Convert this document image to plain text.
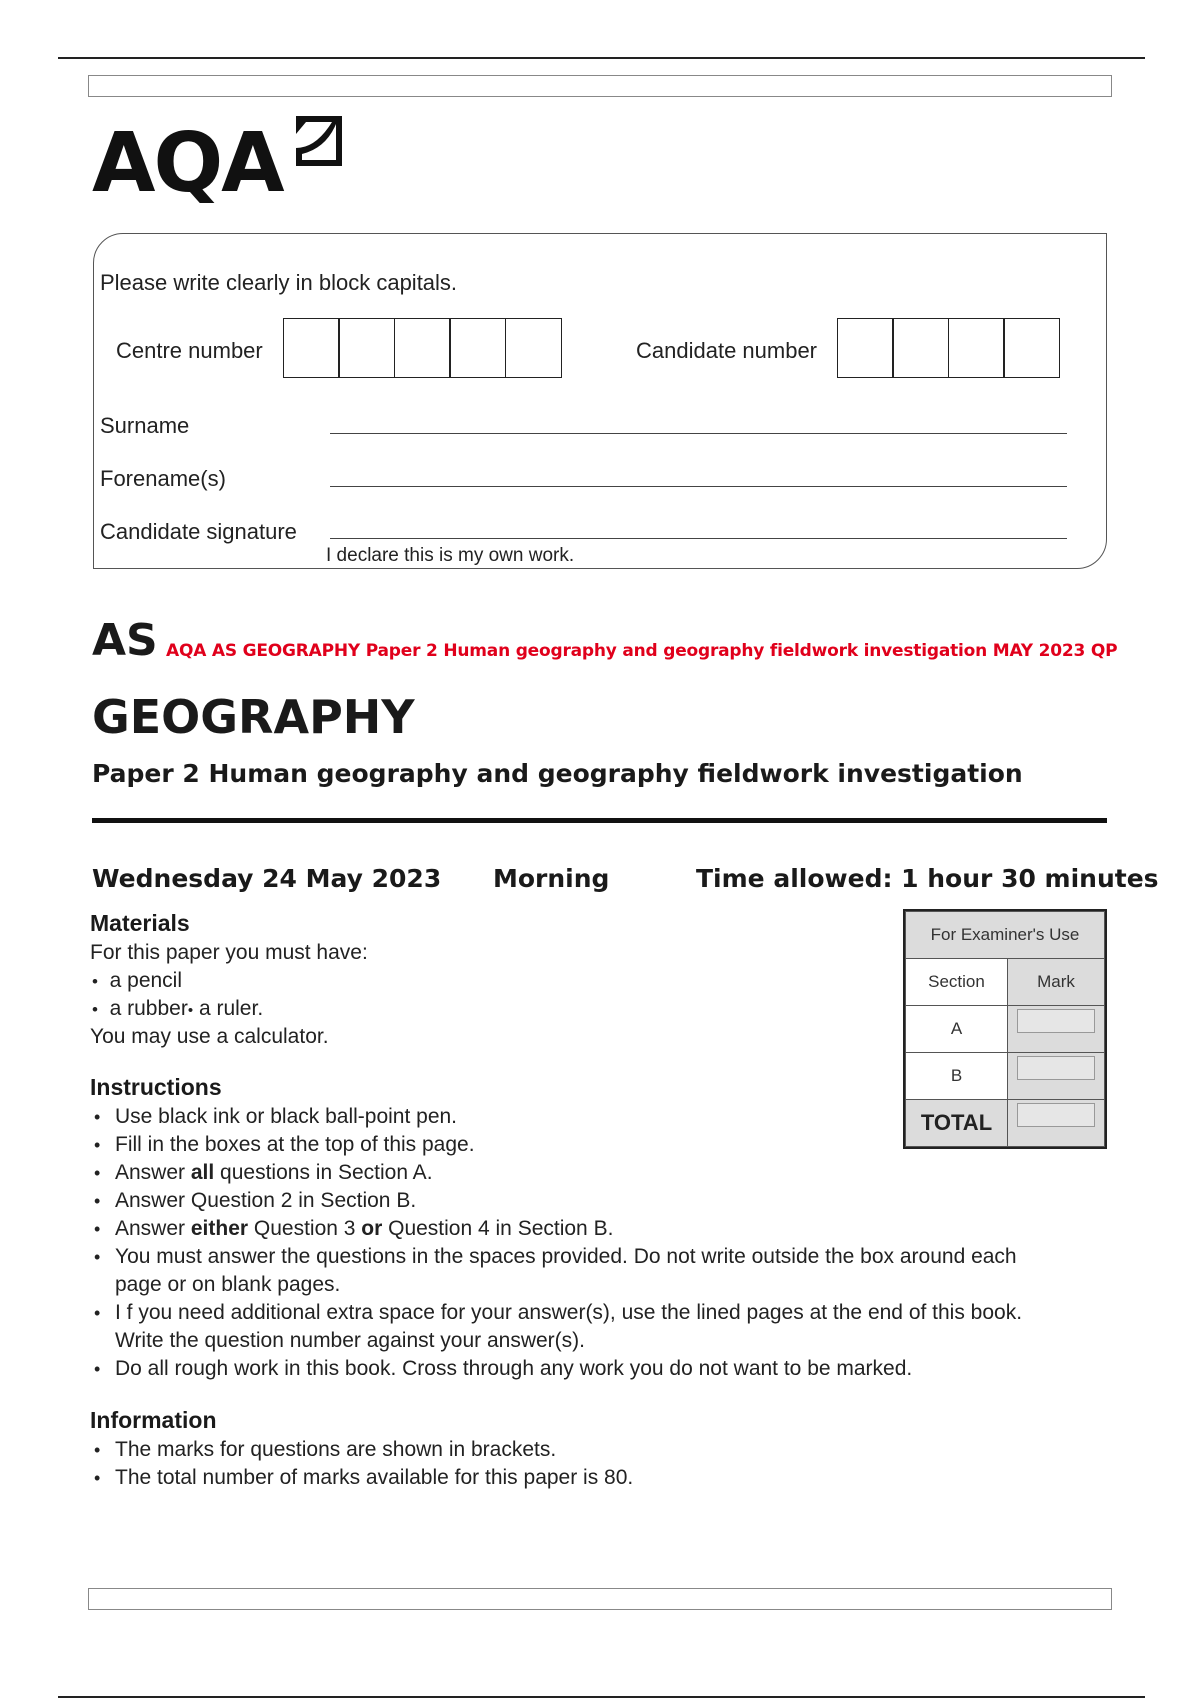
AQA
Please write clearly in block capitals.
Centre number	Candidate number
Surname
Forename(s)
Candidate signature
I declare this is my own work.
AS AQA AS GEOGRAPHY Paper 2 Human geography and geography fieldwork investigation MAY 2023 QP
GEOGRAPHY
Paper 2 Human geography and geography fieldwork investigation
Wednesday 24 May 2023 Morning	Time allowed: 1 hour 30 minutes
Materials
For this paper you must have:
• a pencil
• a rubber• a ruler.
You may use a calculator.
Instructions
• Use black ink or black ball-point pen.
• Fill in the boxes at the top of this page.
• Answer all questions in Section A.
• Answer Question 2 in Section B.
• Answer either Question 3 or Question 4 in Section B.
• You must answer the questions in the spaces provided. Do not write outside the box around each
page or on blank pages.
• I f you need additional extra space for your answer(s), use the lined pages at the end of this book.
Write the question number against your answer(s).
• Do all rough work in this book. Cross through any work you do not want to be marked.
Information
• The marks for questions are shown in brackets.
• The total number of marks available for this paper is 80.
For Examiner's Use	
Section	Mark
A	

B	

TOTAL	
